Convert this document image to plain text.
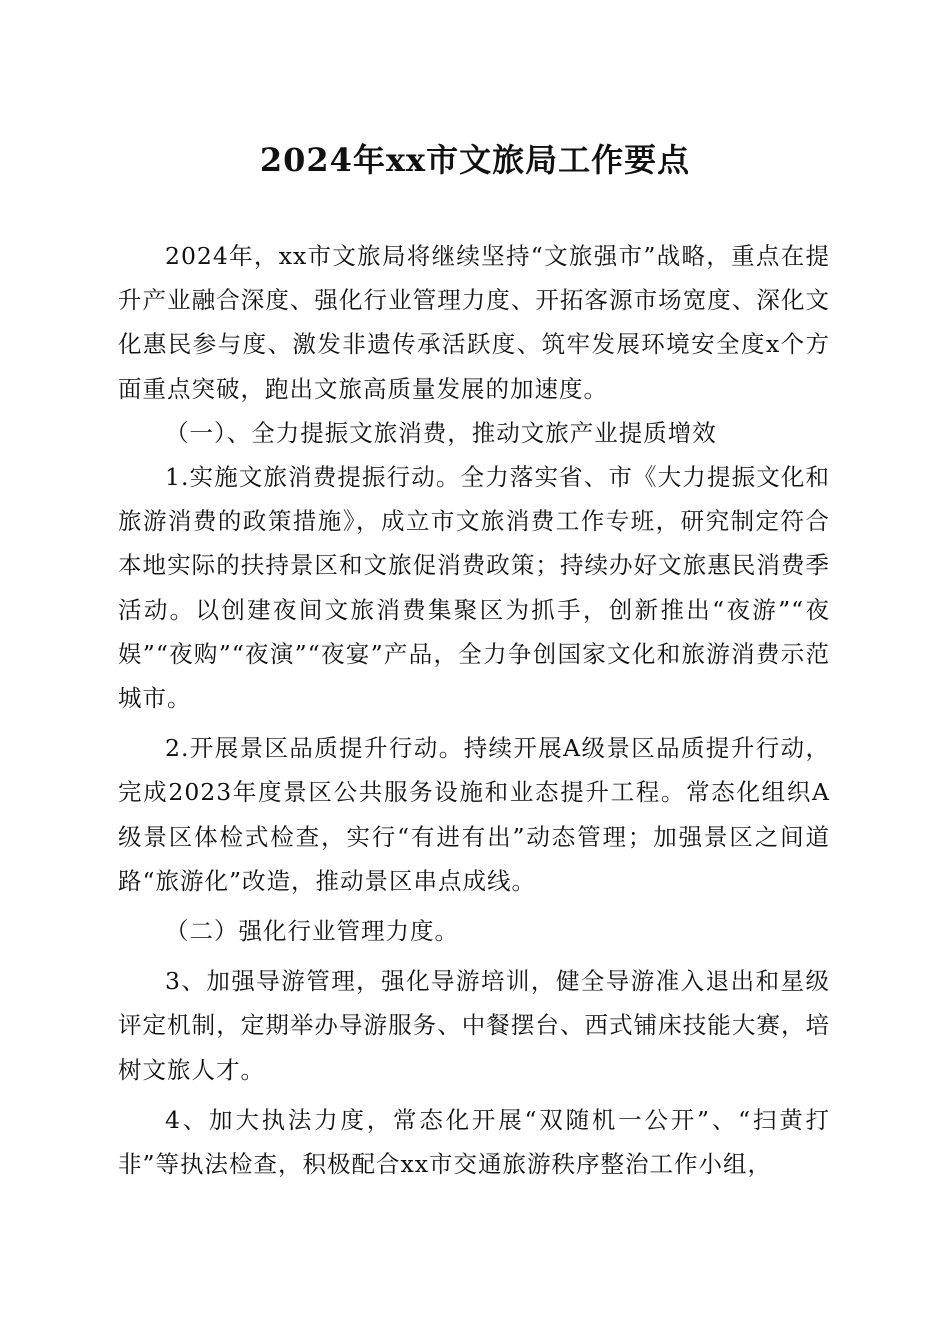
2024年xx市文旅局工作要点

2024年，xx市文旅局将继续坚持“文旅强市”战略，重点在提升产业融合深度、强化行业管理力度、开拓客源市场宽度、深化文化惠民参与度、激发非遗传承活跃度、筑牢发展环境安全度x个方面重点突破，跑出文旅高质量发展的加速度。

（一）、全力提振文旅消费，推动文旅产业提质增效

1.实施文旅消费提振行动。全力落实省、市《大力提振文化和旅游消费的政策措施》，成立市文旅消费工作专班，研究制定符合本地实际的扶持景区和文旅促消费政策；持续办好文旅惠民消费季活动。以创建夜间文旅消费集聚区为抓手，创新推出“夜游”“夜娱”“夜购”“夜演”“夜宴”产品，全力争创国家文化和旅游消费示范城市。

2.开展景区品质提升行动。持续开展A级景区品质提升行动，完成2023年度景区公共服务设施和业态提升工程。常态化组织A级景区体检式检查，实行“有进有出”动态管理；加强景区之间道路“旅游化”改造，推动景区串点成线。

（二）强化行业管理力度。

3、加强导游管理，强化导游培训，健全导游准入退出和星级评定机制，定期举办导游服务、中餐摆台、西式铺床技能大赛，培树文旅人才。

4、加大执法力度，常态化开展“双随机一公开”、“扫黄打非”等执法检查，积极配合xx市交通旅游秩序整治工作小组，
